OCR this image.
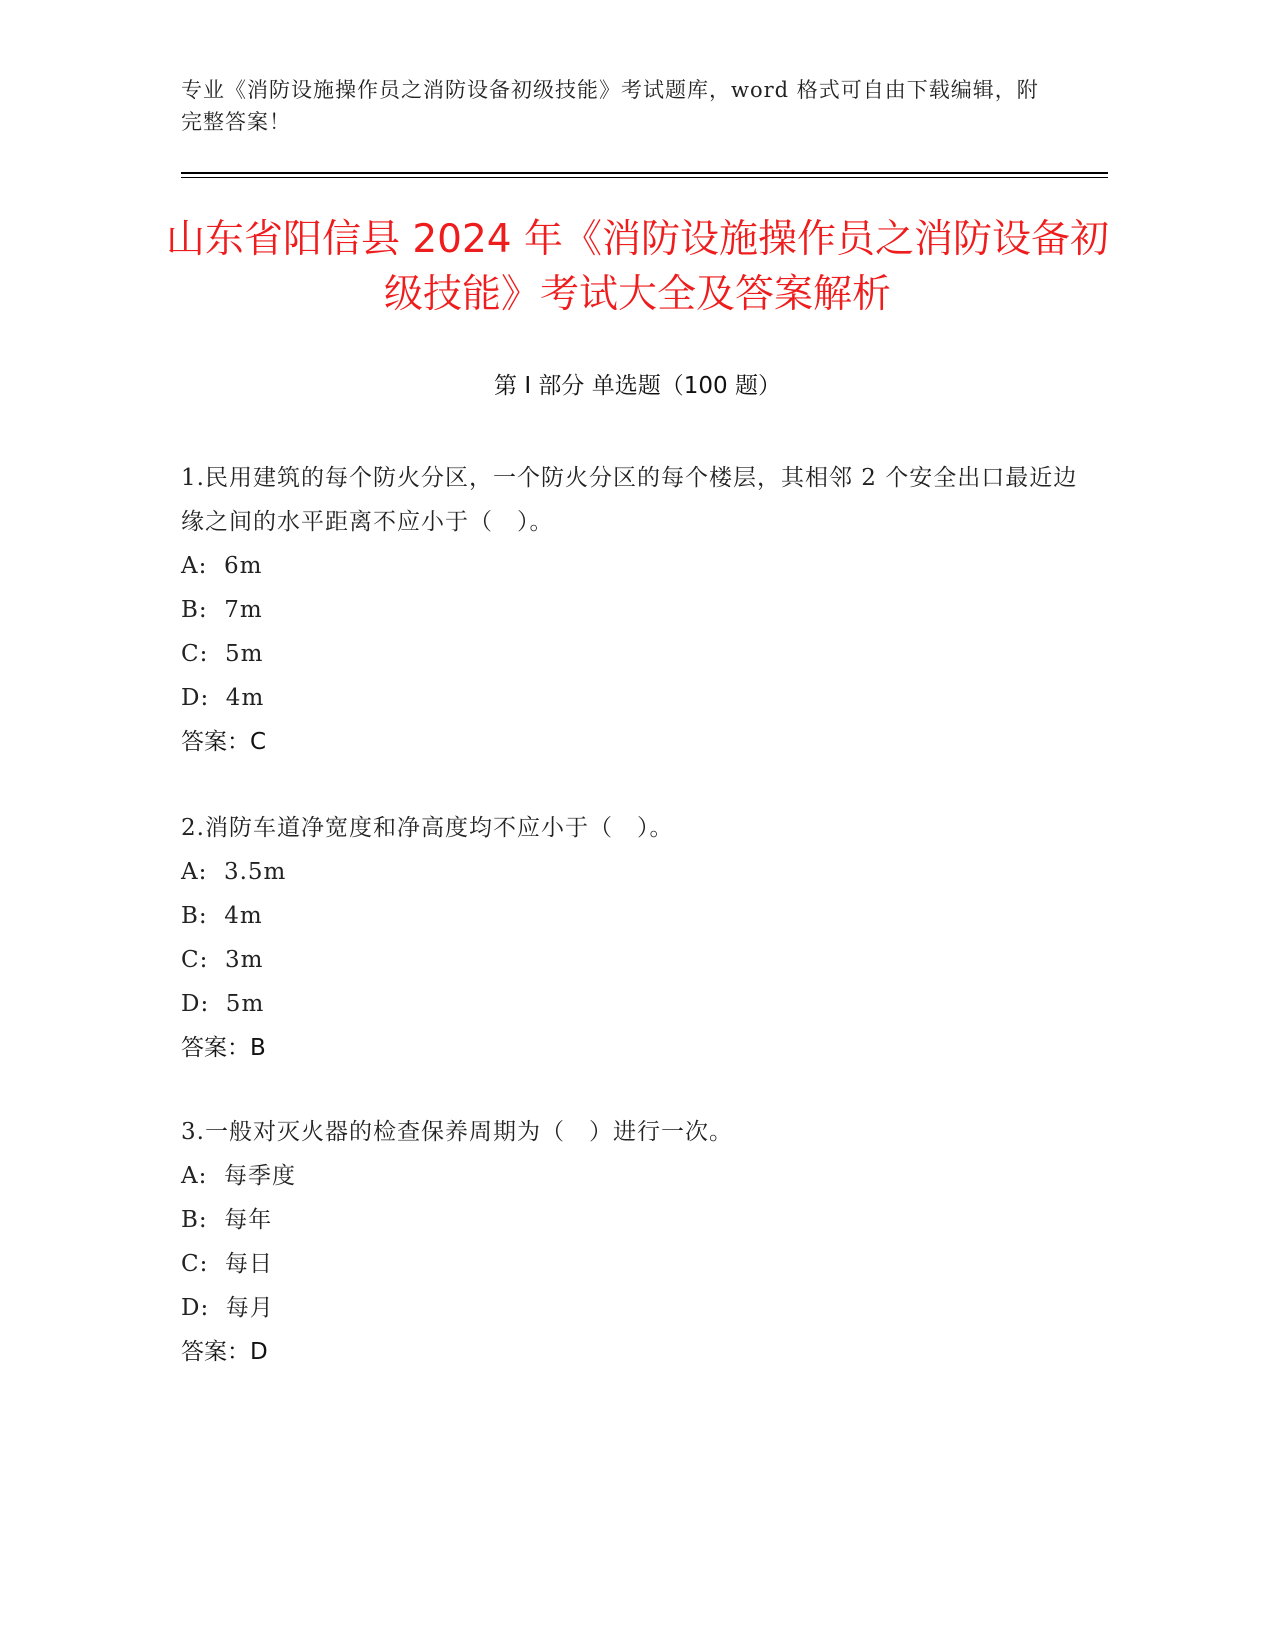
专业《消防设施操作员之消防设备初级技能》考试题库，word 格式可自由下载编辑，附完整答案！
山东省阳信县 2024 年《消防设施操作员之消防设备初级技能》考试大全及答案解析
第 I 部分 单选题（100 题）

1.民用建筑的每个防火分区，一个防火分区的每个楼层，其相邻 2 个安全出口最近边缘之间的水平距离不应小于（　）。

A:  6m
B:  7m
C:  5m
D:  4m
答案：C

2.消防车道净宽度和净高度均不应小于（　）。

A:  3.5m
B:  4m
C:  3m
D:  5m
答案：B

3.一般对灭火器的检查保养周期为（　）进行一次。

A:  每季度
B:  每年
C:  每日
D:  每月
答案：D
